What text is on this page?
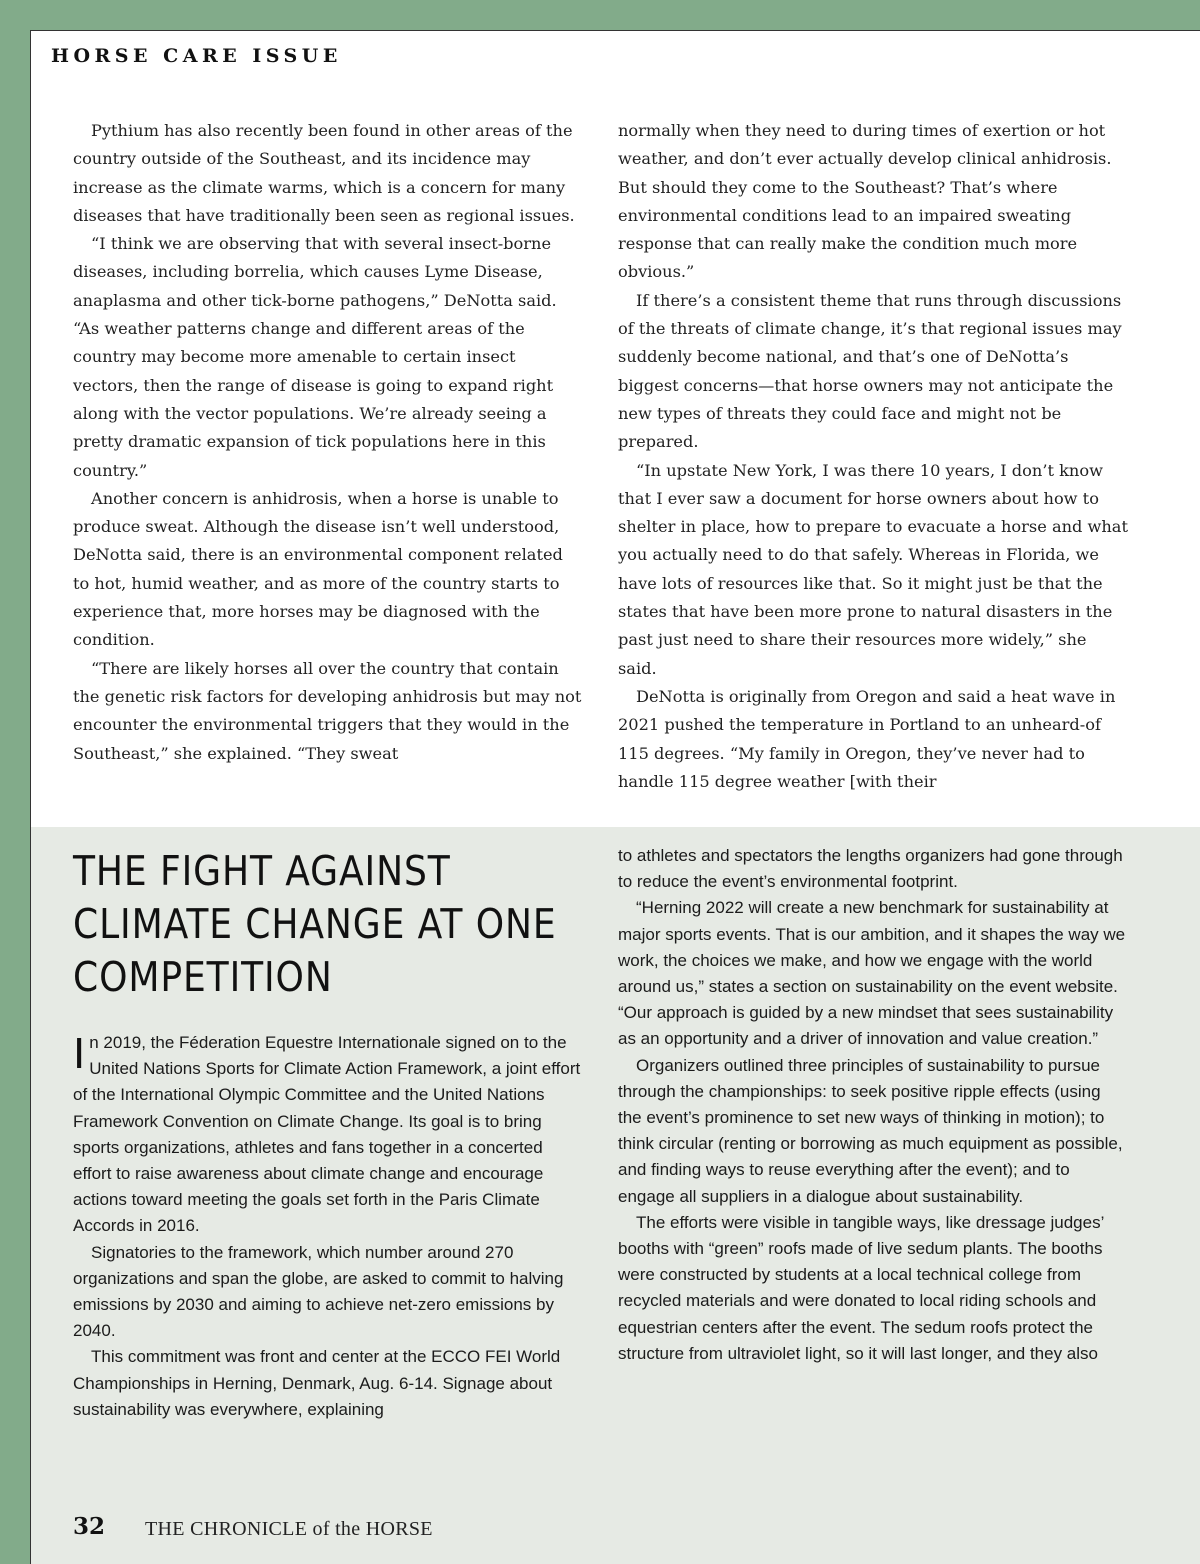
HORSE CARE ISSUE

Pythium has also recently been found in other areas of the country outside of the Southeast, and its incidence may increase as the climate warms, which is a concern for many diseases that have traditionally been seen as regional issues.

“I think we are observing that with several insect-borne diseases, including borrelia, which causes Lyme Disease, anaplasma and other tick-borne pathogens,” DeNotta said. “As weather patterns change and different areas of the country may become more amenable to certain insect vectors, then the range of disease is going to expand right along with the vector populations. We’re already seeing a pretty dramatic expansion of tick populations here in this country.”

Another concern is anhidrosis, when a horse is unable to produce sweat. Although the disease isn’t well understood, DeNotta said, there is an environmental component related to hot, humid weather, and as more of the country starts to experience that, more horses may be diagnosed with the condition.

“There are likely horses all over the country that contain the genetic risk factors for developing anhidrosis but may not encounter the environmental triggers that they would in the Southeast,” she explained. “They sweat

normally when they need to during times of exertion or hot weather, and don’t ever actually develop clinical anhidrosis. But should they come to the Southeast? That’s where environmental conditions lead to an impaired sweating response that can really make the condition much more obvious.”

If there’s a consistent theme that runs through discussions of the threats of climate change, it’s that regional issues may suddenly become national, and that’s one of DeNotta’s biggest concerns—that horse owners may not anticipate the new types of threats they could face and might not be prepared.

“In upstate New York, I was there 10 years, I don’t know that I ever saw a document for horse owners about how to shelter in place, how to prepare to evacuate a horse and what you actually need to do that safely. Whereas in Florida, we have lots of resources like that. So it might just be that the states that have been more prone to natural disasters in the past just need to share their resources more widely,” she said.

DeNotta is originally from Oregon and said a heat wave in 2021 pushed the temperature in Portland to an unheard-of 115 degrees. “My family in Oregon, they’ve never had to handle 115 degree weather [with their

THE FIGHT AGAINST CLIMATE CHANGE AT ONE COMPETITION

In 2019, the Féderation Equestre Internationale signed on to the United Nations Sports for Climate Action Framework, a joint effort of the International Olympic Committee and the United Nations Framework Convention on Climate Change. Its goal is to bring sports organizations, athletes and fans together in a concerted effort to raise awareness about climate change and encourage actions toward meeting the goals set forth in the Paris Climate Accords in 2016.

Signatories to the framework, which number around 270 organizations and span the globe, are asked to commit to halving emissions by 2030 and aiming to achieve net-zero emissions by 2040.

This commitment was front and center at the ECCO FEI World Championships in Herning, Denmark, Aug. 6-14. Signage about sustainability was everywhere, explaining

to athletes and spectators the lengths organizers had gone through to reduce the event’s environmental footprint.

“Herning 2022 will create a new benchmark for sustainability at major sports events. That is our ambition, and it shapes the way we work, the choices we make, and how we engage with the world around us,” states a section on sustainability on the event website. “Our approach is guided by a new mindset that sees sustainability as an opportunity and a driver of innovation and value creation.”

Organizers outlined three principles of sustainability to pursue through the championships: to seek positive ripple effects (using the event’s prominence to set new ways of thinking in motion); to think circular (renting or borrowing as much equipment as possible, and finding ways to reuse everything after the event); and to engage all suppliers in a dialogue about sustainability.

The efforts were visible in tangible ways, like dressage judges’ booths with “green” roofs made of live sedum plants. The booths were constructed by students at a local technical college from recycled materials and were donated to local riding schools and equestrian centers after the event. The sedum roofs protect the structure from ultraviolet light, so it will last longer, and they also

32 THE CHRONICLE of the HORSE
